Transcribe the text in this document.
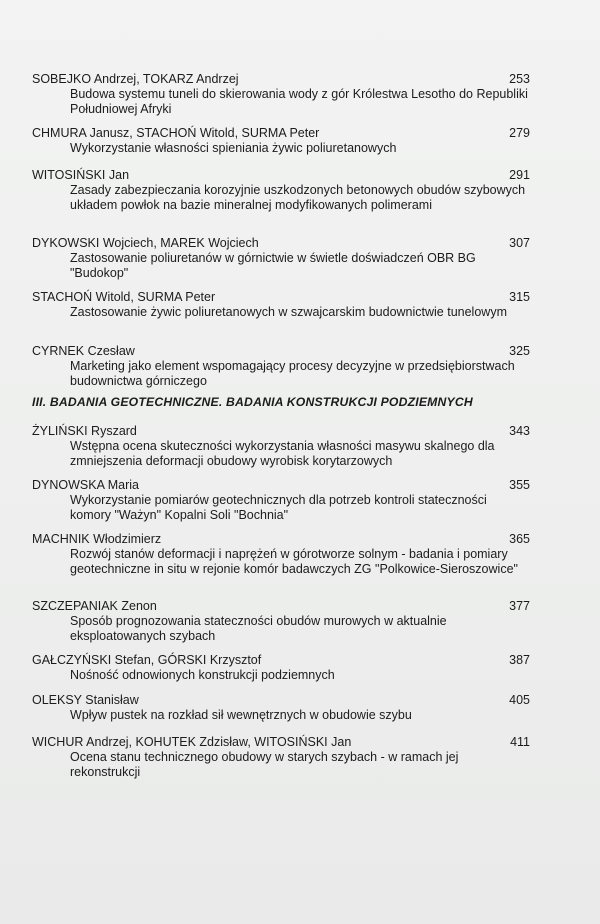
SOBEJKO Andrzej, TOKARZ Andrzej
Budowa systemu tuneli do skierowania wody z gór Królestwa Lesotho do Republiki Południowej Afryki
253
CHMURA Janusz, STACHOŃ Witold, SURMA Peter
Wykorzystanie własności spieniania żywic poliuretanowych
279
WITOSIŃSKI Jan
Zasady zabezpieczania korozyjnie uszkodzonych betonowych obudów szybowych układem powłok na bazie mineralnej modyfikowanych polimerami
291
DYKOWSKI Wojciech, MAREK Wojciech
Zastosowanie poliuretanów w górnictwie w świetle doświadczeń OBR BG "Budokop"
307
STACHOŃ Witold, SURMA Peter
Zastosowanie żywic poliuretanowych w szwajcarskim budownictwie tunelowym
315
CYRNEK Czesław
Marketing jako element wspomagający procesy decyzyjne w przedsiębiorstwach budownictwa górniczego
325
III. BADANIA GEOTECHNICZNE. BADANIA KONSTRUKCJI PODZIEMNYCH
ŻYLIŃSKI Ryszard
Wstępna ocena skuteczności wykorzystania własności masywu skalnego dla zmniejszenia deformacji obudowy wyrobisk korytarzowych
343
DYNOWSKA Maria
Wykorzystanie pomiarów geotechnicznych dla potrzeb kontroli stateczności komory "Ważyn" Kopalni Soli "Bochnia"
355
MACHNIK Włodzimierz
Rozwój stanów deformacji i naprężeń w górotworze solnym - badania i pomiary geotechniczne in situ w rejonie komór badawczych ZG "Polkowice-Sieroszowice"
365
SZCZEPANIAK Zenon
Sposób prognozowania stateczności obudów murowych w aktualnie eksploatowanych szybach
377
GAŁCZYŃSKI Stefan, GÓRSKI Krzysztof
Nośność odnowionych konstrukcji podziemnych
387
OLEKSY Stanisław
Wpływ pustek na rozkład sił wewnętrznych w obudowie szybu
405
WICHUR Andrzej, KOHUTEK Zdzisław, WITOSIŃSKI Jan
Ocena stanu technicznego obudowy w starych szybach - w ramach jej rekonstrukcji
411
